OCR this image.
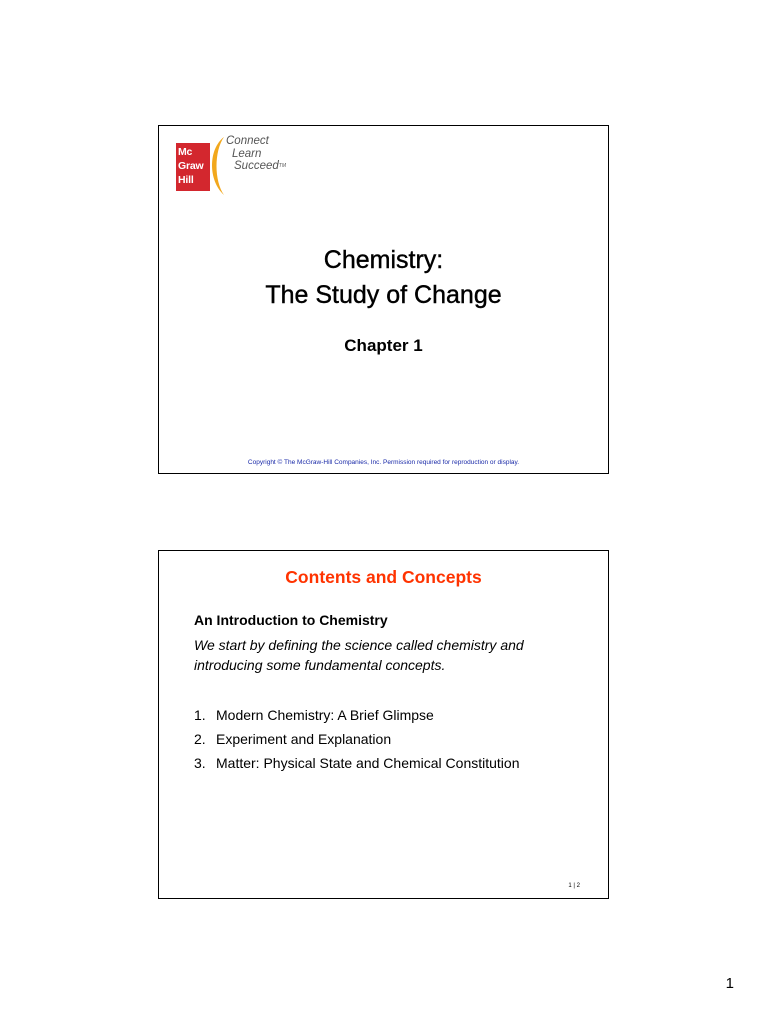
Mc
Graw
Hill
Connect
Learn
Succeed™
Chemistry:
The Study of Change
Chapter 1
Copyright © The McGraw-Hill Companies, Inc. Permission required for reproduction or display.
Contents and Concepts
An Introduction to Chemistry
We start by defining the science called chemistry and introducing some fundamental concepts.
1. Modern Chemistry: A Brief Glimpse
2. Experiment and Explanation
3. Matter: Physical State and Chemical Constitution
1 | 2
1
